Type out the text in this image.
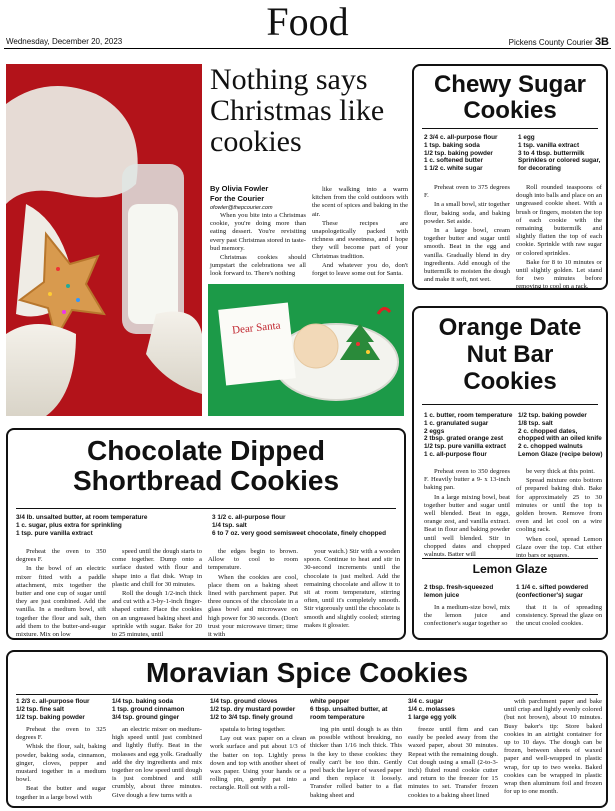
Food
Wednesday, December 20, 2023	Pickens County Courier 3B
Nothing says Christmas like cookies
By Olivia Fowler
For the Courier
ofowler@thepcourier.com

When you bite into a Christmas cookie, you're doing more than eating dessert. You're revisiting every past Christmas stored in taste-bud memory.

Christmas cookies should jumpstart the celebrations we all look forward to. There's nothing

like walking into a warm kitchen from the cold outdoors with the scent of spices and baking in the air.

These recipes are unapologetically packed with richness and sweetness, and I hope they will become part of your Christmas tradition.

And whatever you do, don't forget to leave some out for Santa.

Dear Santa
Chewy Sugar Cookies
2 3/4 c. all-purpose flour
1 tsp. baking soda
1/2 tsp. baking powder
1 c. softened butter
1 1/2 c. white sugar
1 egg
1 tsp. vanilla extract
3 to 4 tbsp. buttermilk
Sprinkles or colored sugar, for decorating

Preheat oven to 375 degrees F.

In a small bowl, stir together flour, baking soda, and baking powder. Set aside.

In a large bowl, cream together butter and sugar until smooth. Beat in the egg and vanilla. Gradually blend in dry ingredients. Add enough of the buttermilk to moisten the dough and make it soft, not wet.

Roll rounded teaspoons of dough into balls and place on an ungreased cookie sheet. With a brush or fingers, moisten the top of each cookie with the remaining buttermilk and slightly flatten the top of each cookie. Sprinkle with raw sugar or colored sprinkles.

Bake for 8 to 10 minutes or until slightly golden. Let stand for two minutes before removing to cool on a rack.

Orange Date Nut Bar Cookies
1 c. butter, room temperature
1 c. granulated sugar
2 eggs
2 tbsp. grated orange zest
1/2 tsp. pure vanilla extract
1 c. all-purpose flour
1/2 tsp. baking powder
1/8 tsp. salt
2 c. chopped dates, chopped with an oiled knife
2 c. chopped walnuts
Lemon Glaze (recipe below)

Preheat oven to 350 degrees F. Heavily butter a 9- x 13-inch baking pan.

In a large mixing bowl, beat together butter and sugar until well blended. Beat in eggs, orange zest, and vanilla extract. Beat in flour and baking powder until well blended. Stir in chopped dates and chopped walnuts. Batter will

be very thick at this point.

Spread mixture onto bottom of prepared baking dish. Bake for approximately 25 to 30 minutes or until the top is golden brown. Remove from oven and let cool on a wire cooling rack.

When cool, spread Lemon Glaze over the top. Cut either into bars or squares.

Lemon Glaze
2 tbsp. fresh-squeezed lemon juice
1 1/4 c. sifted powdered (confectioner's) sugar

In a medium-size bowl, mix the lemon juice and confectioner's sugar together so

that it is of spreading consistency. Spread the glaze on the uncut cooled cookies.

Chocolate Dipped
Shortbread Cookies
3/4 lb. unsalted butter, at room temperature
1 c. sugar, plus extra for sprinkling
1 tsp. pure vanilla extract
3 1/2 c. all-purpose flour
1/4 tsp. salt
6 to 7 oz. very good semisweet chocolate, finely chopped

Preheat the oven to 350 degrees F.

In the bowl of an electric mixer fitted with a paddle attachment, mix together the butter and one cup of sugar until they are just combined. Add the vanilla. In a medium bowl, sift together the flour and salt, then add them to the butter-and-sugar mixture. Mix on low

speed until the dough starts to come together. Dump onto a surface dusted with flour and shape into a flat disk. Wrap in plastic and chill for 30 minutes.

Roll the dough 1/2-inch thick and cut with a 3-by-1-inch finger-shaped cutter. Place the cookies on an ungreased baking sheet and sprinkle with sugar. Bake for 20 to 25 minutes, until

the edges begin to brown. Allow to cool to room temperature.

When the cookies are cool, place them on a baking sheet lined with parchment paper. Put three ounces of the chocolate in a glass bowl and microwave on high power for 30 seconds. (Don't trust your microwave timer; time it with

your watch.) Stir with a wooden spoon. Continue to heat and stir in 30-second increments until the chocolate is just melted. Add the remaining chocolate and allow it to sit at room temperature, stirring often, until it's completely smooth. Stir vigorously until the chocolate is smooth and slightly cooled; stirring makes it glossier.

Moravian Spice Cookies
1 2/3 c. all-purpose flour
1/2 tsp. fine salt
1/2 tsp. baking powder
1/4 tsp. baking soda
1 tsp. ground cinnamon
3/4 tsp. ground ginger
1/4 tsp. ground cloves
1/2 tsp. dry mustard powder
1/2 to 3/4 tsp. finely ground
white pepper
6 tbsp. unsalted butter, at room temperature
3/4 c. sugar
1/4 c. molasses
1 large egg yolk

Preheat the oven to 325 degrees F.

Whisk the flour, salt, baking powder, baking soda, cinnamon, ginger, cloves, pepper and mustard together in a medium bowl.

Beat the butter and sugar together in a large bowl with

an electric mixer on medium-high speed until just combined and lightly fluffy. Beat in the molasses and egg yolk. Gradually add the dry ingredients and mix together on low speed until dough is just combined and still crumbly, about three minutes. Give dough a few turns with a

spatula to bring together.

Lay out wax paper on a clean work surface and put about 1/3 of the batter on top. Lightly press down and top with another sheet of wax paper. Using your hands or a rolling pin, gently pat into a rectangle. Roll out with a roll-

ing pin until dough is as thin as possible without breaking, no thicker than 1/16 inch thick. This is the key to these cookies: they really can't be too thin. Gently peel back the layer of waxed paper and then replace it loosely. Transfer rolled batter to a flat baking sheet and

freeze until firm and can easily be peeled away from the waxed paper, about 30 minutes. Repeat with the remaining dough. Cut dough using a small (2-to-3-inch) fluted round cookie cutter and return to the freezer for 15 minutes to set. Transfer frozen cookies to a baking sheet lined

with parchment paper and bake until crisp and lightly evenly colored (but not brown), about 10 minutes. Busy baker's tip: Store baked cookies in an airtight container for up to 10 days. The dough can be frozen, between sheets of waxed paper and well-wrapped in plastic wrap, for up to two weeks. Baked cookies can be wrapped in plastic wrap then aluminum foil and frozen for up to one month.
